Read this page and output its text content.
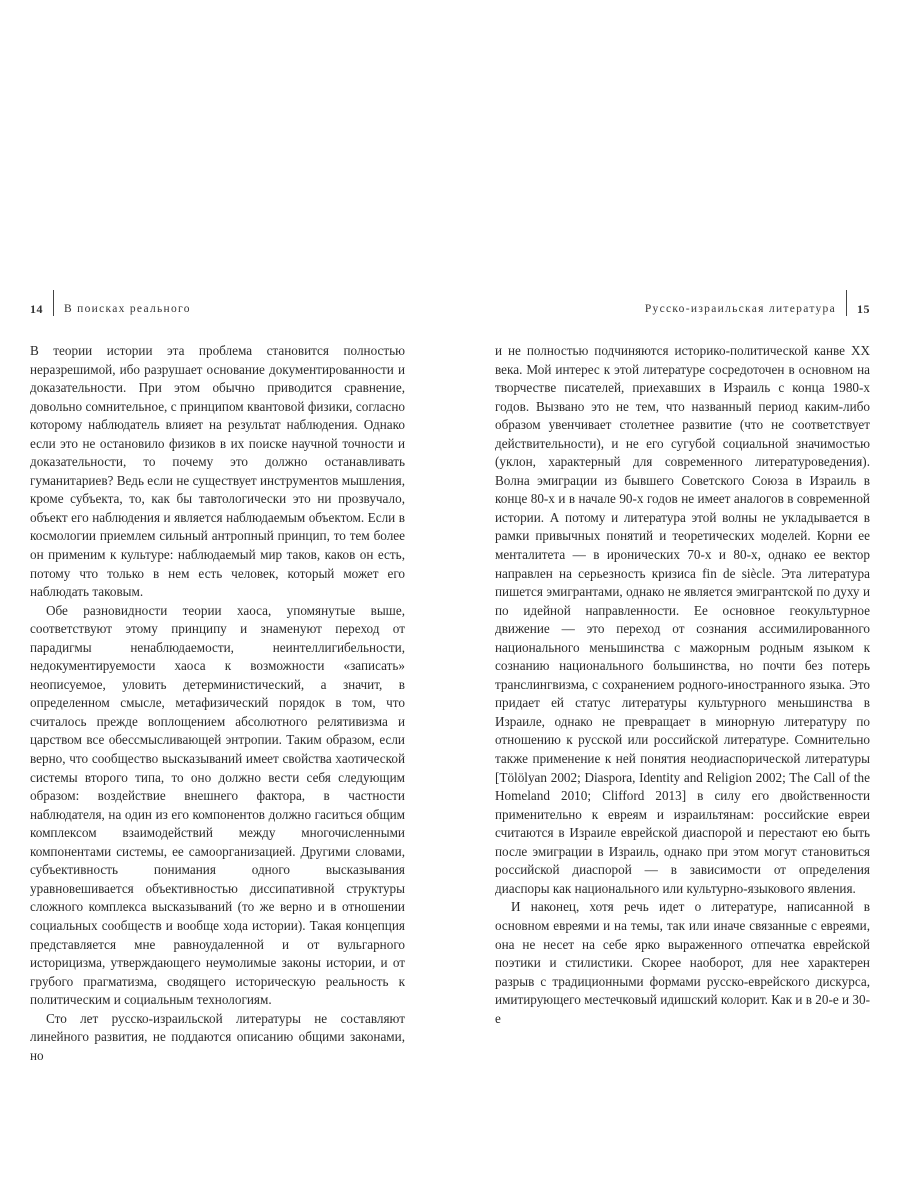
14 В поисках реального

В теории истории эта проблема становится полностью неразрешимой, ибо разрушает основание документированности и доказательности. При этом обычно приводится сравнение, довольно сомнительное, с принципом квантовой физики, согласно которому наблюдатель влияет на результат наблюдения. Однако если это не остановило физиков в их поиске научной точности и доказательности, то почему это должно останавливать гуманитариев? Ведь если не существует инструментов мышления, кроме субъекта, то, как бы тавтологически это ни прозвучало, объект его наблюдения и является наблюдаемым объектом. Если в космологии приемлем сильный антропный принцип, то тем более он применим к культуре: наблюдаемый мир таков, каков он есть, потому что только в нем есть человек, который может его наблюдать таковым.

Обе разновидности теории хаоса, упомянутые выше, соответствуют этому принципу и знаменуют переход от парадигмы ненаблюдаемости, неинтеллигибельности, недокументируемости хаоса к возможности «записать» неописуемое, уловить детерминистический, а значит, в определенном смысле, метафизический порядок в том, что считалось прежде воплощением абсолютного релятивизма и царством все обессмысливающей энтропии. Таким образом, если верно, что сообщество высказываний имеет свойства хаотической системы второго типа, то оно должно вести себя следующим образом: воздействие внешнего фактора, в частности наблюдателя, на один из его компонентов должно гаситься общим комплексом взаимодействий между многочисленными компонентами системы, ее самоорганизацией. Другими словами, субъективность понимания одного высказывания уравновешивается объективностью диссипативной структуры сложного комплекса высказываний (то же верно и в отношении социальных сообществ и вообще хода истории). Такая концепция представляется мне равноудаленной и от вульгарного историцизма, утверждающего неумолимые законы истории, и от грубого прагматизма, сводящего историческую реальность к политическим и социальным технологиям.

Сто лет русско-израильской литературы не составляют линейного развития, не поддаются описанию общими законами, но

Русско-израильская литература 15

и не полностью подчиняются историко-политической канве XX века. Мой интерес к этой литературе сосредоточен в основном на творчестве писателей, приехавших в Израиль с конца 1980-х годов. Вызвано это не тем, что названный период каким-либо образом увенчивает столетнее развитие (что не соответствует действительности), и не его сугубой социальной значимостью (уклон, характерный для современного литературоведения). Волна эмиграции из бывшего Советского Союза в Израиль в конце 80-х и в начале 90-х годов не имеет аналогов в современной истории. А потому и литература этой волны не укладывается в рамки привычных понятий и теоретических моделей. Корни ее менталитета — в иронических 70-х и 80-х, однако ее вектор направлен на серьезность кризиса fin de siècle. Эта литература пишется эмигрантами, однако не является эмигрантской по духу и по идейной направленности. Ее основное геокультурное движение — это переход от сознания ассимилированного национального меньшинства с мажорным родным языком к сознанию национального большинства, но почти без потерь транслингвизма, с сохранением родного-иностранного языка. Это придает ей статус литературы культурного меньшинства в Израиле, однако не превращает в минорную литературу по отношению к русской или российской литературе. Сомнительно также применение к ней понятия неодиаспорической литературы [Tölölyan 2002; Diaspora, Identity and Religion 2002; The Call of the Homeland 2010; Clifford 2013] в силу его двойственности применительно к евреям и израильтянам: российские евреи считаются в Израиле еврейской диаспорой и перестают ею быть после эмиграции в Израиль, однако при этом могут становиться российской диаспорой — в зависимости от определения диаспоры как национального или культурно-языкового явления.

И наконец, хотя речь идет о литературе, написанной в основном евреями и на темы, так или иначе связанные с евреями, она не несет на себе ярко выраженного отпечатка еврейской поэтики и стилистики. Скорее наоборот, для нее характерен разрыв с традиционными формами русско-еврейского дискурса, имитирующего местечковый идишский колорит. Как и в 20-е и 30-е
